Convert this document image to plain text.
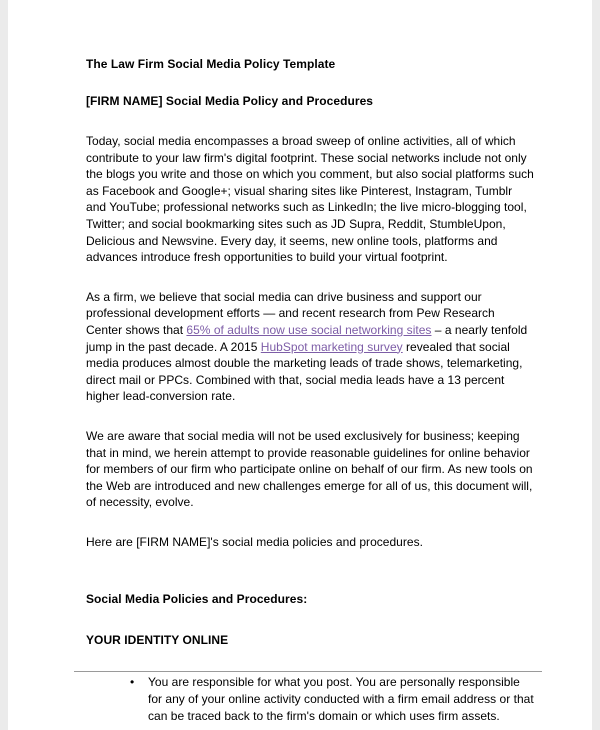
The Law Firm Social Media Policy Template

[FIRM NAME] Social Media Policy and Procedures

Today, social media encompasses a broad sweep of online activities, all of which contribute to your law firm's digital footprint. These social networks include not only the blogs you write and those on which you comment, but also social platforms such as Facebook and Google+; visual sharing sites like Pinterest, Instagram, Tumblr and YouTube; professional networks such as LinkedIn; the live micro-blogging tool, Twitter; and social bookmarking sites such as JD Supra, Reddit, StumbleUpon, Delicious and Newsvine. Every day, it seems, new online tools, platforms and advances introduce fresh opportunities to build your virtual footprint.

As a firm, we believe that social media can drive business and support our professional development efforts — and recent research from Pew Research Center shows that 65% of adults now use social networking sites – a nearly tenfold jump in the past decade. A 2015 HubSpot marketing survey revealed that social media produces almost double the marketing leads of trade shows, telemarketing, direct mail or PPCs. Combined with that, social media leads have a 13 percent higher lead-conversion rate.

We are aware that social media will not be used exclusively for business; keeping that in mind, we herein attempt to provide reasonable guidelines for online behavior for members of our firm who participate online on behalf of our firm. As new tools on the Web are introduced and new challenges emerge for all of us, this document will, of necessity, evolve.

Here are [FIRM NAME]'s social media policies and procedures.

Social Media Policies and Procedures:

YOUR IDENTITY ONLINE

• You are responsible for what you post. You are personally responsible for any of your online activity conducted with a firm email address or that can be traced back to the firm's domain or which uses firm assets.
